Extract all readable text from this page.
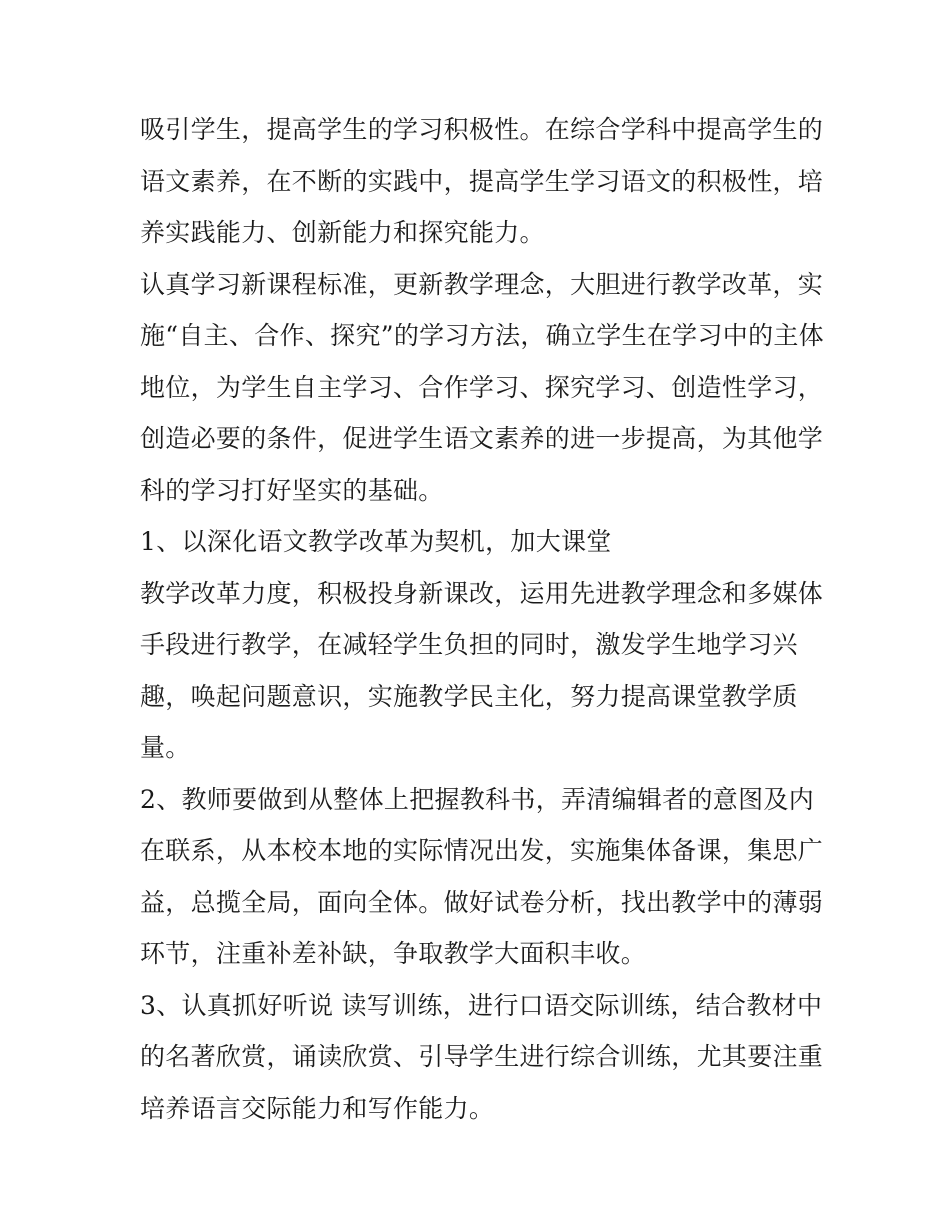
吸引学生，提高学生的学习积极性。在综合学科中提高学生的
语文素养，在不断的实践中，提高学生学习语文的积极性，培
养实践能力、创新能力和探究能力。

认真学习新课程标准，更新教学理念，大胆进行教学改革，实
施“自主、合作、探究”的学习方法，确立学生在学习中的主体
地位，为学生自主学习、合作学习、探究学习、创造性学习，
创造必要的条件，促进学生语文素养的进一步提高，为其他学
科的学习打好坚实的基础。

1、以深化语文教学改革为契机，加大课堂

教学改革力度，积极投身新课改，运用先进教学理念和多媒体
手段进行教学，在减轻学生负担的同时，激发学生地学习兴
趣，唤起问题意识，实施教学民主化，努力提高课堂教学质
量。

2、教师要做到从整体上把握教科书，弄清编辑者的意图及内
在联系，从本校本地的实际情况出发，实施集体备课，集思广
益，总揽全局，面向全体。做好试卷分析，找出教学中的薄弱
环节，注重补差补缺，争取教学大面积丰收。

3、认真抓好听说 读写训练，进行口语交际训练，结合教材中
的名著欣赏，诵读欣赏、引导学生进行综合训练，尤其要注重
培养语言交际能力和写作能力。
